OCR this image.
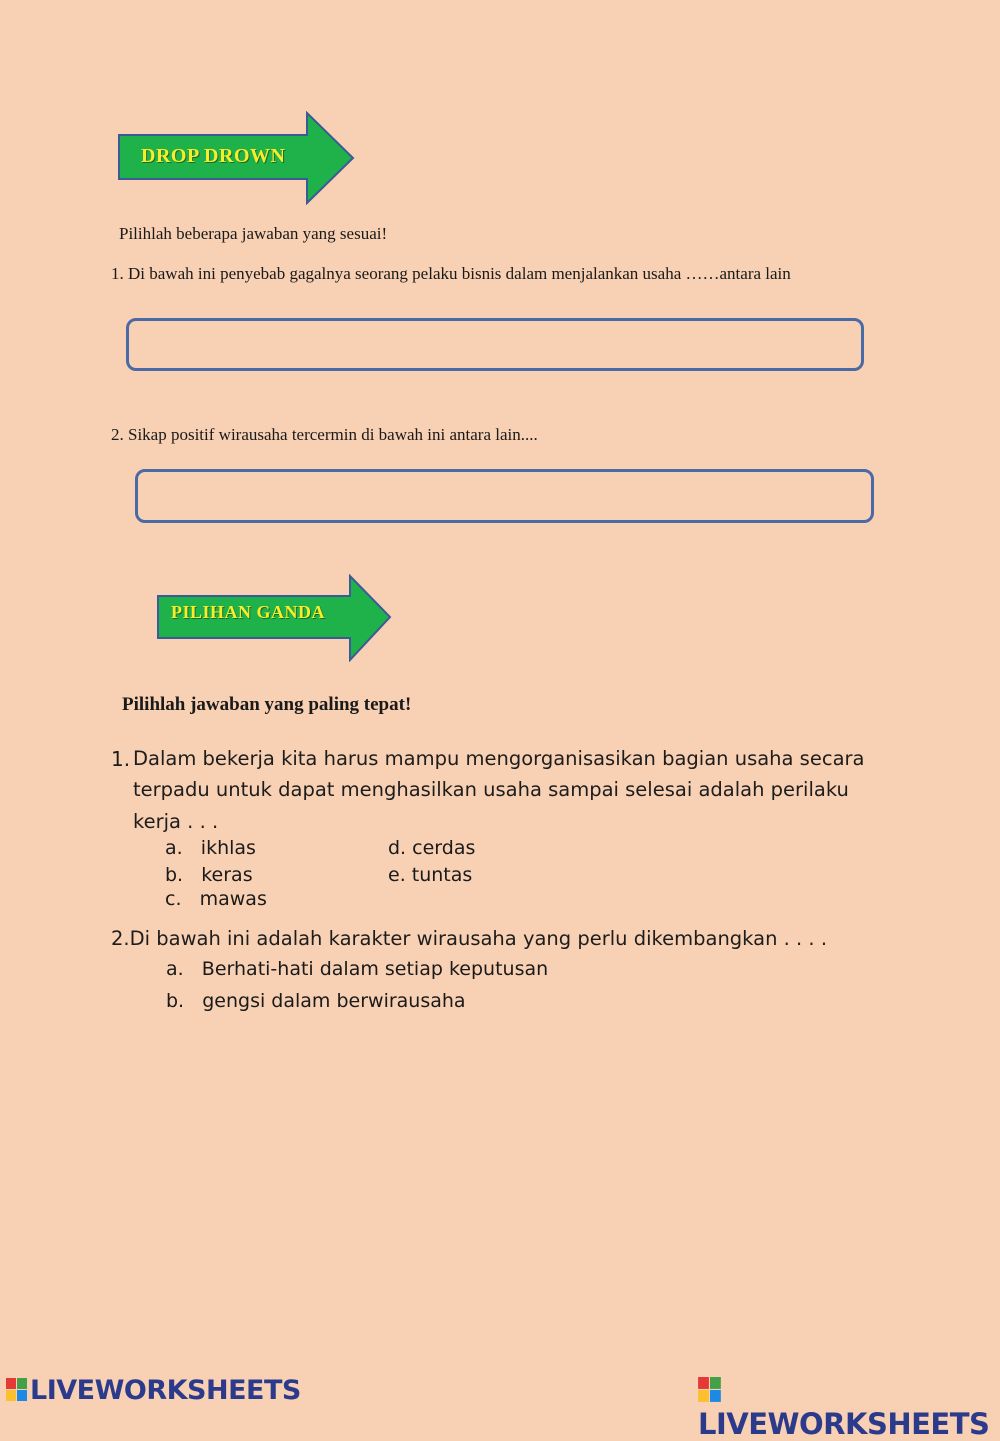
DROP DROWN
Pilihlah beberapa jawaban yang sesuai!
1. Di bawah ini penyebab gagalnya seorang pelaku bisnis dalam menjalankan usaha ……antara lain
2. Sikap positif wirausaha tercermin di bawah ini antara lain....
PILIHAN GANDA
Pilihlah jawaban yang paling tepat!
1. Dalam bekerja kita harus mampu mengorganisasikan bagian usaha secara
terpadu untuk dapat menghasilkan usaha sampai selesai adalah perilaku
kerja . . .
a.   ikhlas
b.   keras
c.   mawas
d. cerdas
e. tuntas
2.Di bawah ini adalah karakter wirausaha yang perlu dikembangkan . . . .
a.   Berhati-hati dalam setiap keputusan
b.   gengsi dalam berwirausaha
LIVEWORKSHEETS
LIVEWORKSHEETS
